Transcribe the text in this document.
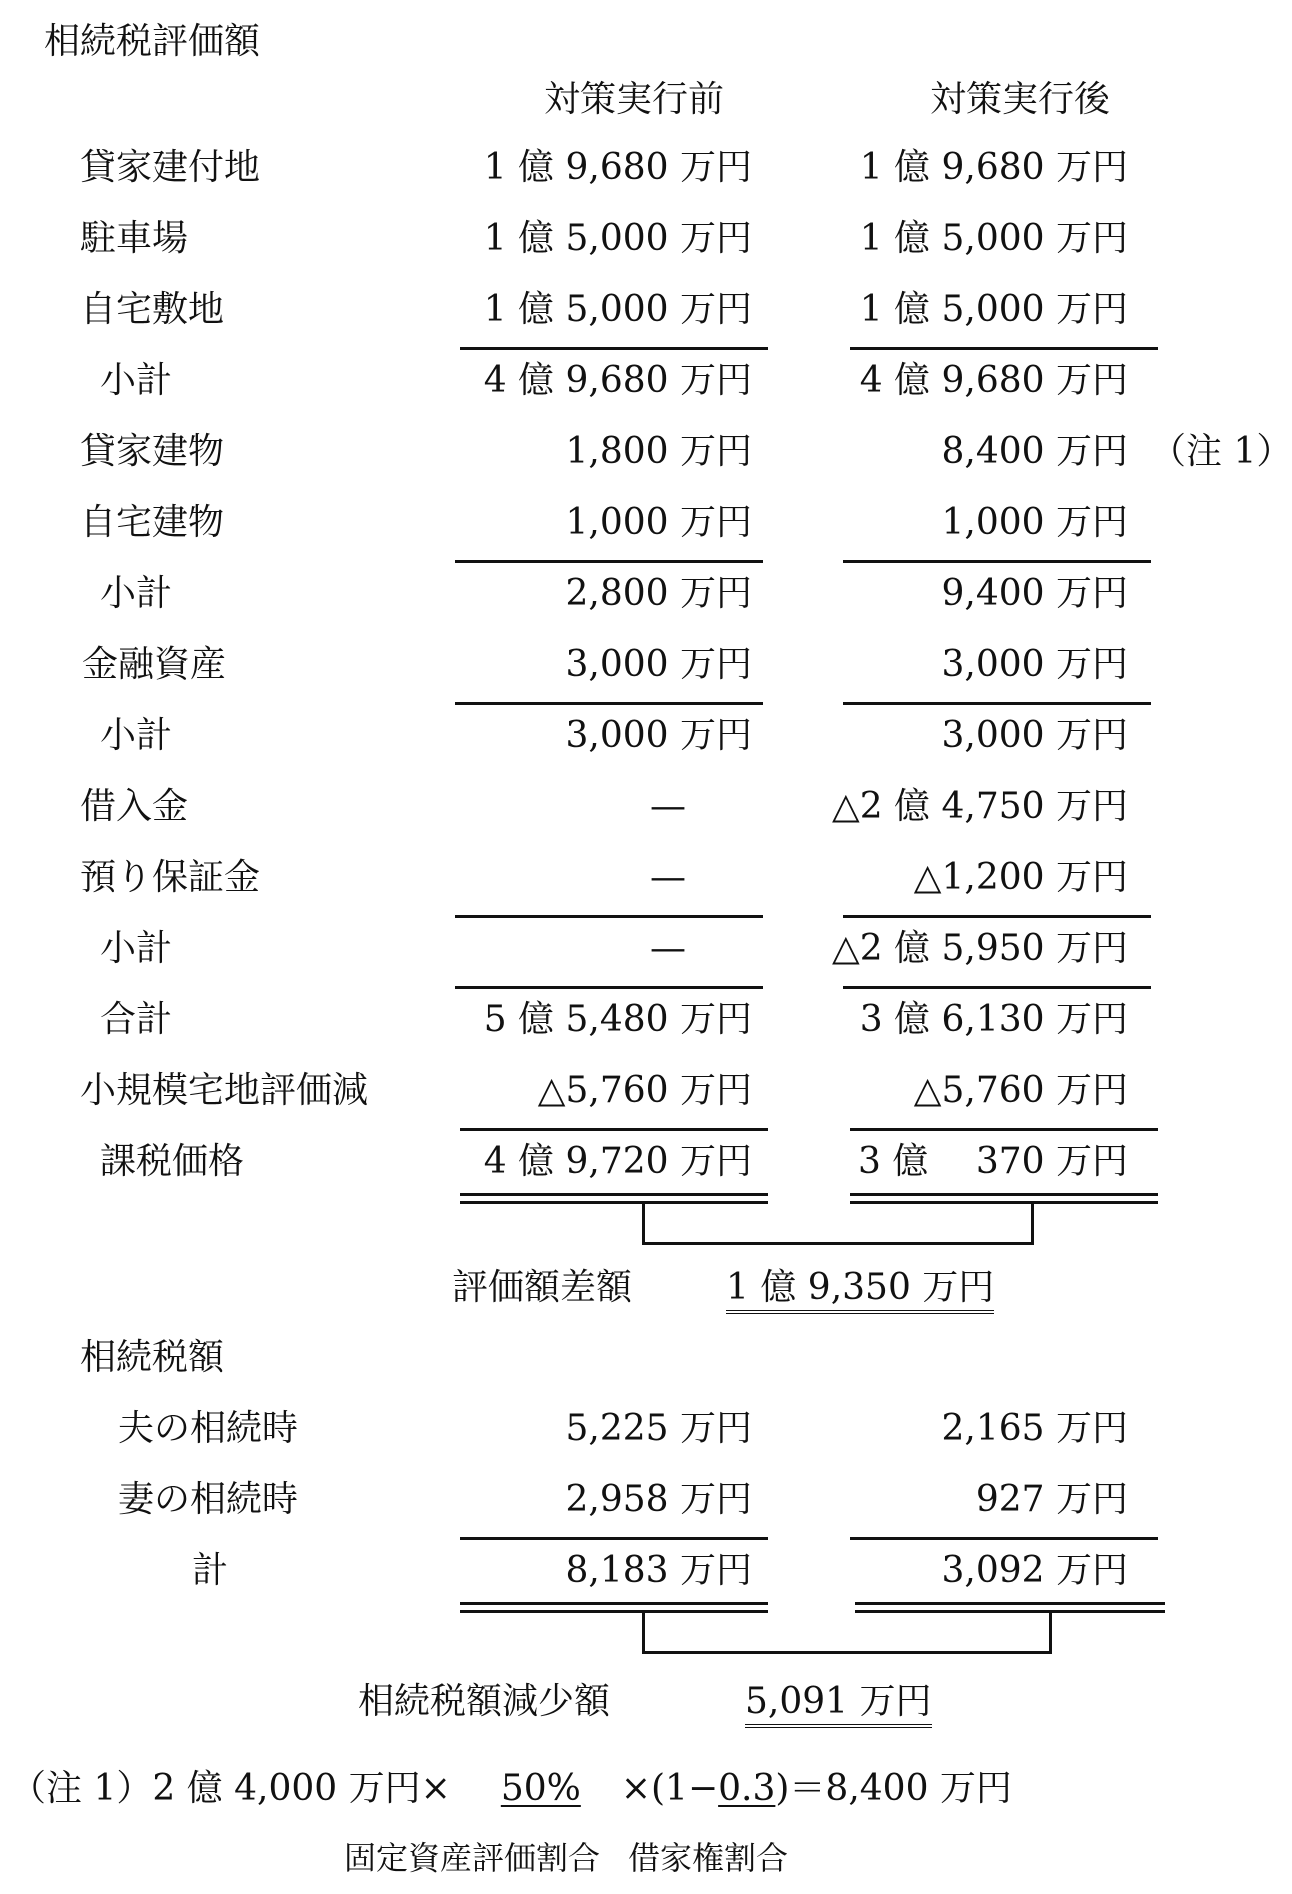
相続税評価額
対策実行前	対策実行後
貸家建付地	1 億 9,680 万円	1 億 9,680 万円
駐車場	1 億 5,000 万円	1 億 5,000 万円
自宅敷地	1 億 5,000 万円	1 億 5,000 万円
小計	4 億 9,680 万円	4 億 9,680 万円
貸家建物	1,800 万円	8,400 万円 （注 1）
自宅建物	1,000 万円	1,000 万円
小計	2,800 万円	9,400 万円
金融資産	3,000 万円	3,000 万円
小計	3,000 万円	3,000 万円
借入金	—	△2 億 4,750 万円
預り保証金	—	△1,200 万円
小計	—	△2 億 5,950 万円
合計	5 億 5,480 万円	3 億 6,130 万円
小規模宅地評価減	△5,760 万円	△5,760 万円
課税価格	4 億 9,720 万円	3 億　 370 万円
評価額差額	1 億 9,350 万円
相続税額
夫の相続時	5,225 万円	2,165 万円
妻の相続時	2,958 万円	927 万円
計	8,183 万円	3,092 万円
相続税額減少額	5,091 万円
（注 1）2 億 4,000 万円× 50% ×(1−0.3)＝8,400 万円
固定資産評価割合 借家権割合
